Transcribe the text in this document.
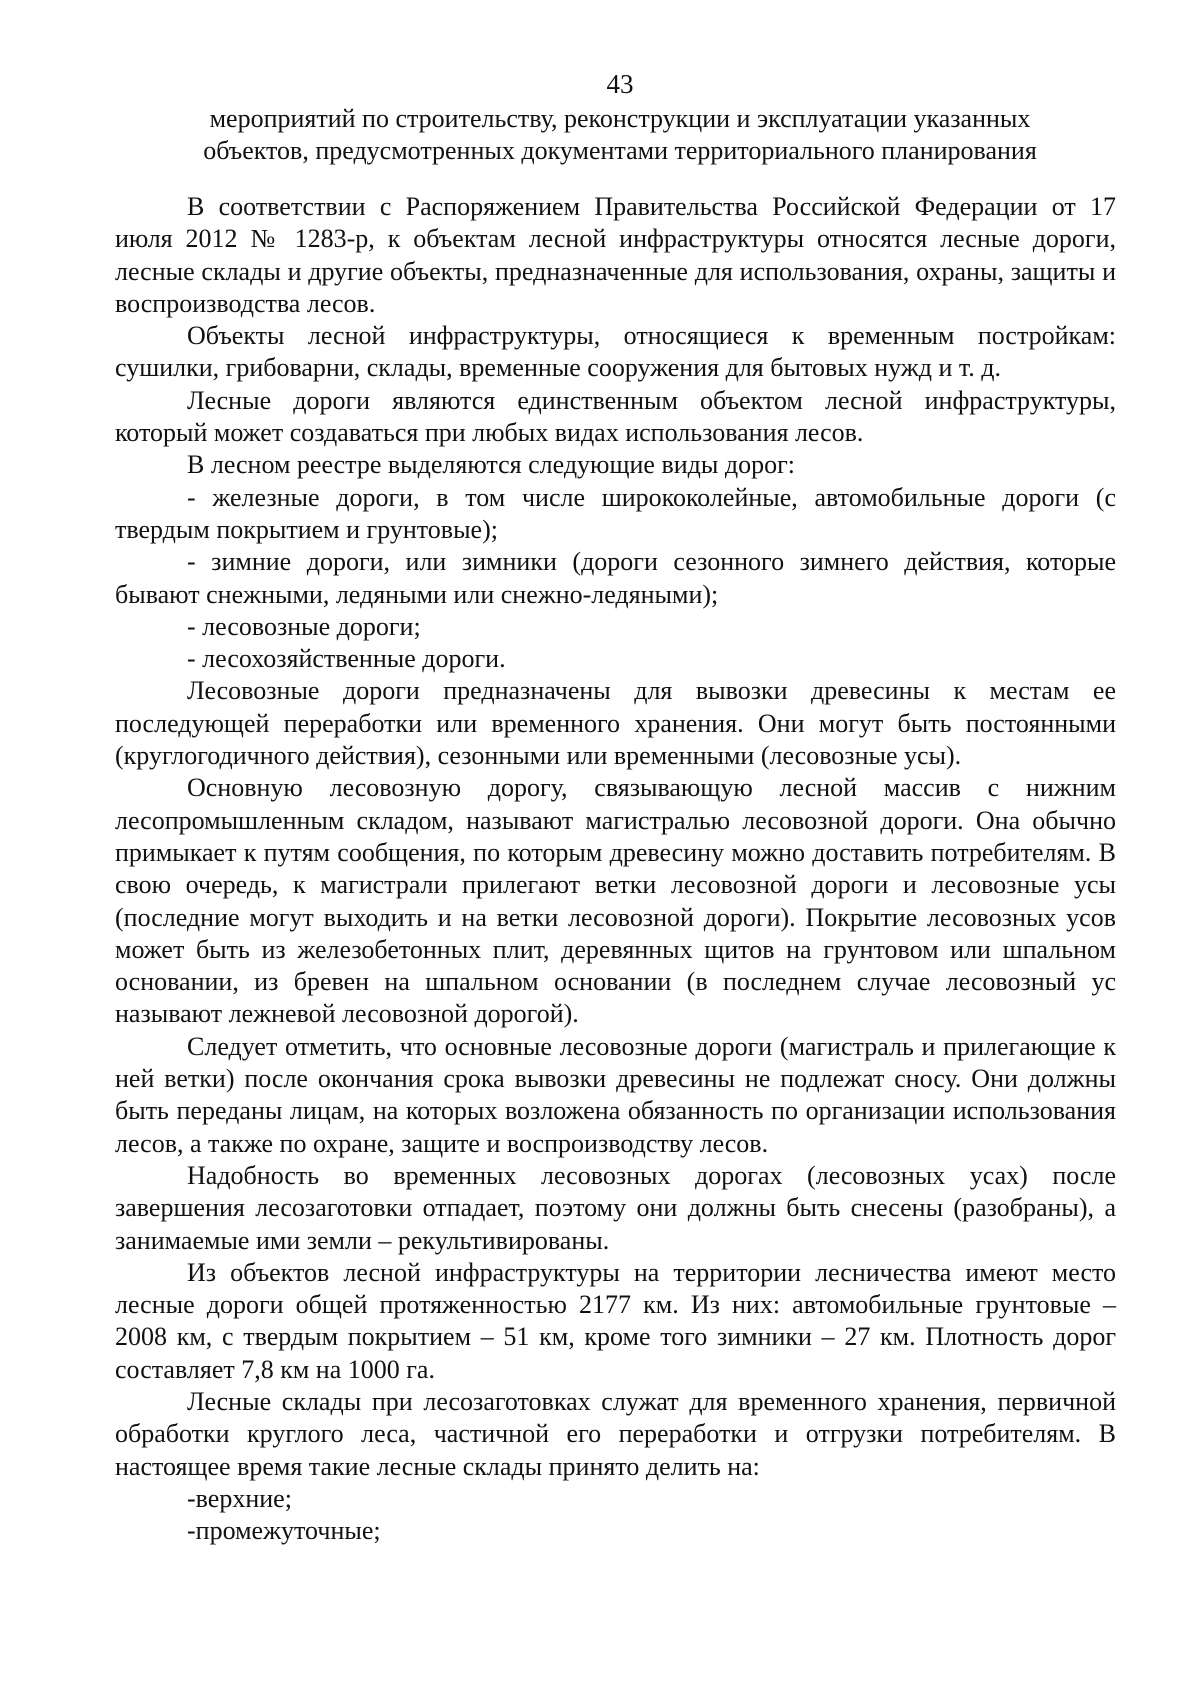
43

мероприятий по строительству, реконструкции и эксплуатации указанных

объектов, предусмотренных документами территориального планирования

В соответствии с Распоряжением Правительства Российской Федерации от 17 июля 2012 № 1283-р, к объектам лесной инфраструктуры относятся лесные дороги, лесные склады и другие объекты, предназначенные для использования, охраны, защиты и воспроизводства лесов.

Объекты лесной инфраструктуры, относящиеся к временным постройкам: сушилки, грибоварни, склады, временные сооружения для бытовых нужд и т. д.

Лесные дороги являются единственным объектом лесной инфраструктуры, который может создаваться при любых видах использования лесов.

В лесном реестре выделяются следующие виды дорог:

- железные дороги, в том числе ширококолейные, автомобильные дороги (с твердым покрытием и грунтовые);

- зимние дороги, или зимники (дороги сезонного зимнего действия, которые бывают снежными, ледяными или снежно-ледяными);

- лесовозные дороги;

- лесохозяйственные дороги.

Лесовозные дороги предназначены для вывозки древесины к местам ее последующей переработки или временного хранения. Они могут быть постоянными (круглогодичного действия), сезонными или временными (лесовозные усы).

Основную лесовозную дорогу, связывающую лесной массив с нижним лесопромышленным складом, называют магистралью лесовозной дороги. Она обычно примыкает к путям сообщения, по которым древесину можно доставить потребителям. В свою очередь, к магистрали прилегают ветки лесовозной дороги и лесовозные усы (последние могут выходить и на ветки лесовозной дороги). Покрытие лесовозных усов может быть из железобетонных плит, деревянных щитов на грунтовом или шпальном основании, из бревен на шпальном основании (в последнем случае лесовозный ус называют лежневой лесовозной дорогой).

Следует отметить, что основные лесовозные дороги (магистраль и прилегающие к ней ветки) после окончания срока вывозки древесины не подлежат сносу. Они должны быть переданы лицам, на которых возложена обязанность по организации использования лесов, а также по охране, защите и воспроизводству лесов.

Надобность во временных лесовозных дорогах (лесовозных усах) после завершения лесозаготовки отпадает, поэтому они должны быть снесены (разобраны), а занимаемые ими земли – рекультивированы.

Из объектов лесной инфраструктуры на территории лесничества имеют место лесные дороги общей протяженностью 2177 км. Из них: автомобильные грунтовые – 2008 км, с твердым покрытием – 51 км, кроме того зимники – 27 км. Плотность дорог составляет 7,8 км на 1000 га.

Лесные склады при лесозаготовках служат для временного хранения, первичной обработки круглого леса, частичной его переработки и отгрузки потребителям. В настоящее время такие лесные склады принято делить на:

-верхние;

-промежуточные;
